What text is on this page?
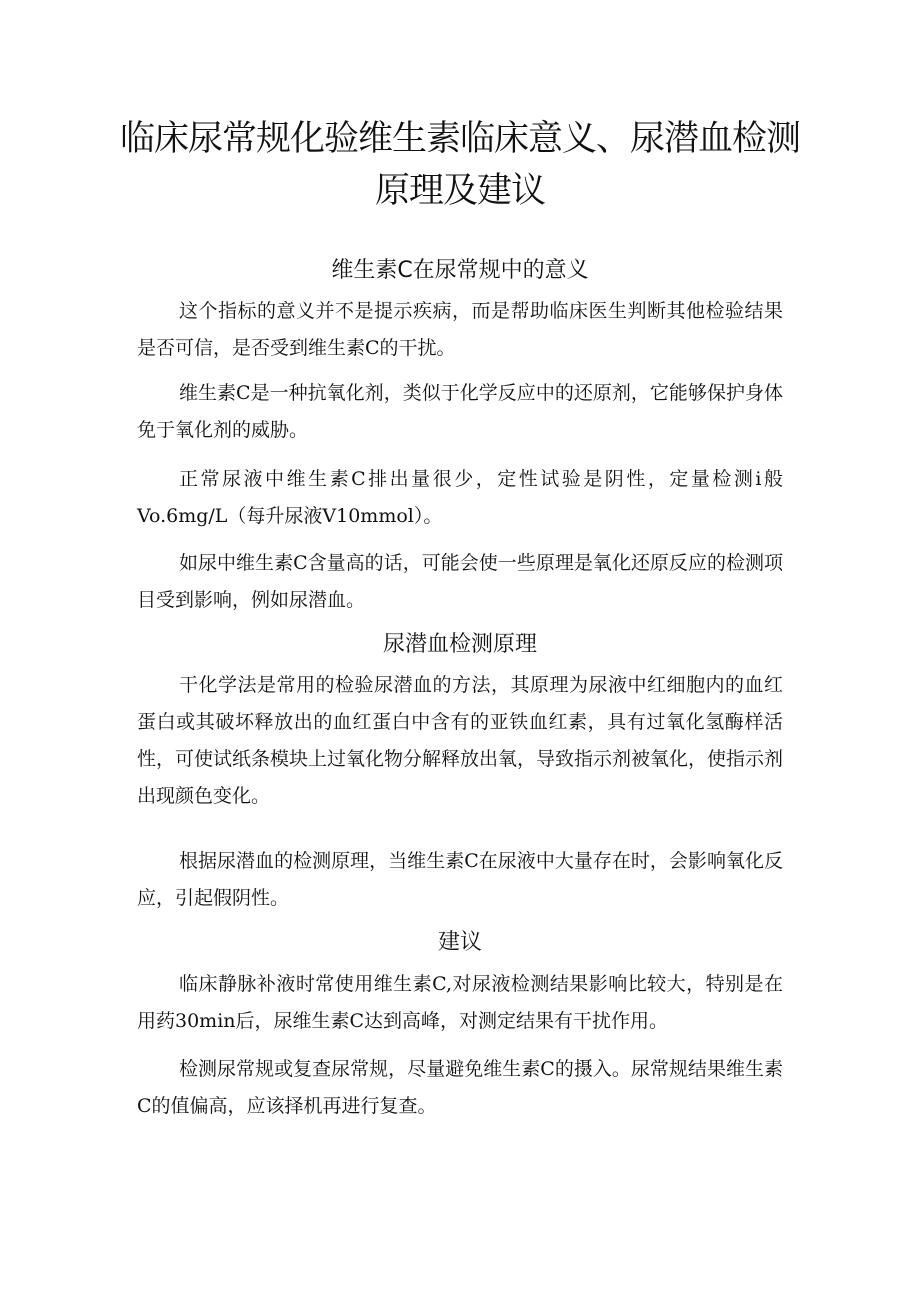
临床尿常规化验维生素临床意义、尿潜血检测原理及建议
维生素C在尿常规中的意义

这个指标的意义并不是提示疾病，而是帮助临床医生判断其他检验结果是否可信，是否受到维生素C的干扰。

维生素C是一种抗氧化剂，类似于化学反应中的还原剂，它能够保护身体免于氧化剂的威胁。

正常尿液中维生素C排出量很少，定性试验是阴性，定量检测i般Vo.6mg/L（每升尿液V10mmol）。

如尿中维生素C含量高的话，可能会使一些原理是氧化还原反应的检测项目受到影响，例如尿潜血。

尿潜血检测原理

干化学法是常用的检验尿潜血的方法，其原理为尿液中红细胞内的血红蛋白或其破坏释放出的血红蛋白中含有的亚铁血红素，具有过氧化氢酶样活性，可使试纸条模块上过氧化物分解释放出氧，导致指示剂被氧化，使指示剂出现颜色变化。

根据尿潜血的检测原理，当维生素C在尿液中大量存在时，会影响氧化反应，引起假阴性。

建议

临床静脉补液时常使用维生素C,对尿液检测结果影响比较大，特别是在用药30min后，尿维生素C达到高峰，对测定结果有干扰作用。

检测尿常规或复查尿常规，尽量避免维生素C的摄入。尿常规结果维生素C的值偏高，应该择机再进行复查。
